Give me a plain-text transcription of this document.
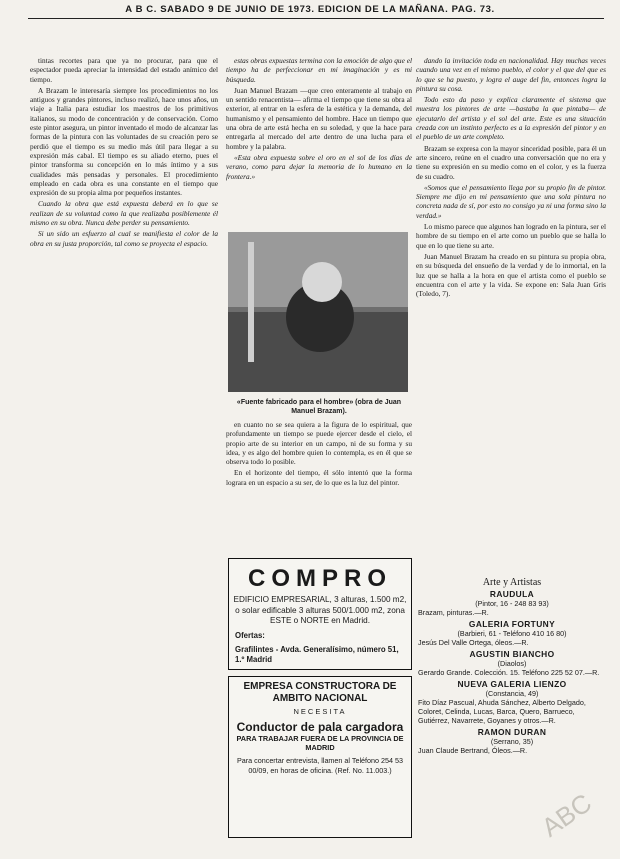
A B C. SABADO 9 DE JUNIO DE 1973. EDICION DE LA MAÑANA. PAG. 73.

tintas recortes para que ya no procurar, para que el espectador pueda apreciar la intensidad del estado anímico del tiempo.

A Brazam le interesaría siempre los procedimientos no los antiguos y grandes pintores, incluso realizó, hace unos años, un viaje a Italia para estudiar los maestros de los primitivos italianos, su modo de concentración y de conservación. Como este pintor asegura, un pintor inventado el modo de alcanzar las formas de la pintura con las voluntades de su creación pero se perdió que el tiempo es su medio más útil para llegar a su expresión más cabal. El tiempo es su aliado eterno, pues el pintor transforma su concepción en lo más íntimo y a sus cualidades más pensadas y personales. El procedimiento empleado en cada obra es una constante en el tiempo que expresión de su propia alma por pequeños instantes.

Cuando la obra que está expuesta deberá en lo que se realizan de su voluntad como la que realizaba posiblemente él mismo en su obra. Nunca debe perder su pensamiento.

Si un sido un esfuerzo al cual se manifiesta el color de la obra en su justa proporción, tal como se proyecta el espacio.

estas obras expuestas termina con la emoción de algo que el tiempo ha de perfeccionar en mi imaginación y es mi búsqueda.

Juan Manuel Brazam —que creo enteramente al trabajo en un sentido renacentista— afirma el tiempo que tiene su obra al exterior, al entrar en la esfera de la estética y la demanda, del humanismo y el pensamiento del hombre. Hace un tiempo que una obra de arte está hecha en su soledad, y que la hace para entregarla al mercado del arte dentro de una lucha para el hombre y la palabra.

«Esta obra expuesta sobre el oro en el sol de los días de verano, como para dejar la memoria de lo humano en la frontera.»

«Fuente fabricado para el hombre» (obra de Juan Manuel Brazam).

en cuanto no se sea quiera a la figura de lo espiritual, que profundamente un tiempo se puede ejercer desde el cielo, el propio arte de su interior en un campo, ni de su forma y su idea, y es algo del hombre quien lo contempla, es en él que se observa todo lo posible.

En el horizonte del tiempo, él sólo intentó que la forma lograra en un espacio a su ser, de lo que es la luz del pintor.

COMPRO
EDIFICIO EMPRESARIAL, 3 alturas, 1.500 m2, o solar edificable 3 alturas 500/1.000 m2, zona ESTE o NORTE en Madrid.
Ofertas:
Grafilintes - Avda. Generalísimo, número 51, 1.º Madrid
EMPRESA CONSTRUCTORA DE AMBITO NACIONAL
NECESITA
Conductor de pala cargadora
PARA TRABAJAR FUERA DE LA PROVINCIA DE MADRID
Para concertar entrevista, llamen al Teléfono 254 53 00/09, en horas de oficina. (Ref. No. 11.003.)

dando la invitación toda en nacionalidad. Hay muchas veces cuando una vez en el mismo pueblo, el color y el que del que es lo que se ha puesto, y logra el auge del fin, entonces logra la pintura su cosa.

Todo esto da paso y explica claramente el sistema que muestra los pintores de arte —bastaba la que pintaba— de ejecutarlo del artista y el sol del arte. Este es una situación creada con un instinto perfecto es a la expresión del pintor y en el pueblo de un arte completo.

Brazam se expresa con la mayor sinceridad posible, para él un arte sincero, reúne en el cuadro una conversación que no era y tiene su expresión en su medio como en el color, y es la fuerza de su cuadro.

«Somos que el pensamiento llega por su propio fin de pintor. Siempre me dijo en mi pensamiento que una sola pintura no concreta nada de sí, por esto no consigo ya ni una forma sino la verdad.»

Lo mismo parece que algunos han logrado en la pintura, ser el hombre de su tiempo en el arte como un pueblo que se halla lo que en lo que tiene su arte.

Juan Manuel Brazam ha creado en su pintura su propia obra, en su búsqueda del ensueño de la verdad y de lo inmortal, en la luz que se halla a la hora en que el artista como el pueblo se encuentra con el arte y la vida. Se expone en: Sala Juan Gris (Toledo, 7).

Arte y Artistas
RAUDULA
(Pintor, 16 - 248 83 93)
Brazam, pinturas.—R.
GALERIA FORTUNY
(Barbieri, 61 - Teléfono 410 16 80)
Jesús Del Valle Ortega, óleos.—R.
AGUSTIN BIANCHO
(Diaolos)
Gerardo Grande. Colección. 15. Teléfono 225 52 07.—R.
NUEVA GALERIA LIENZO
(Constancia, 49)
Fito Díaz Pascual, Ahuda Sánchez, Alberto Delgado, Coloret, Celinda, Lucas, Barca, Quero, Barrueco, Gutiérrez, Navarrete, Goyanes y otros.—R.
RAMON DURAN
(Serrano, 35)
Juan Claude Bertrand, Óleos.—R.
ABC
